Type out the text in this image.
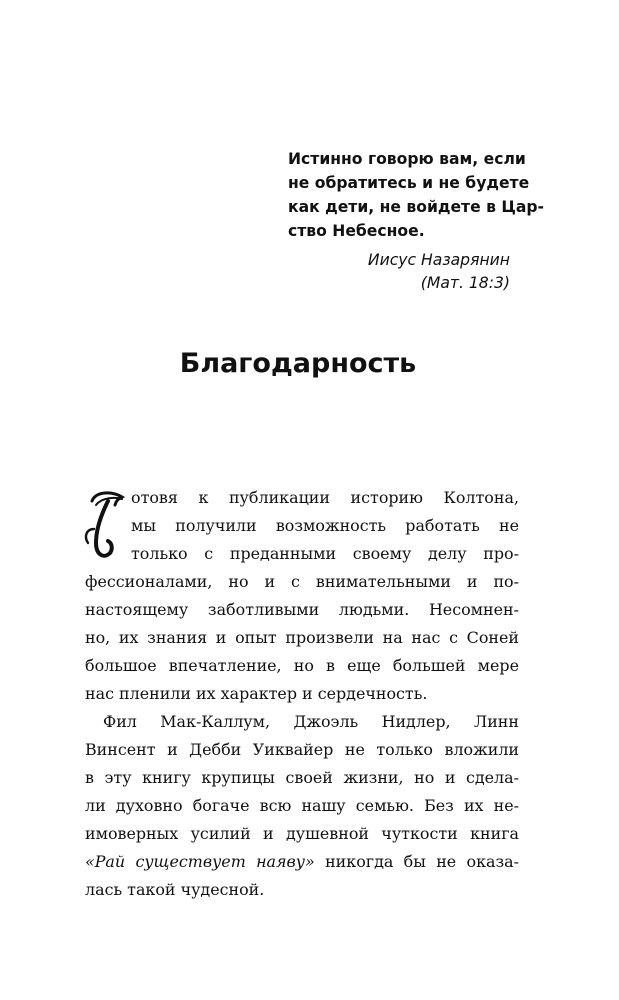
Истинно говорю вам, если
не обратитесь и не будете
как дети, не войдете в Цар-
ство Небесное.
Иисус Назарянин
(Мат. 18:3)
Благодарность
отовя к публикации историю Колтона,
мы получили возможность работать не
только с преданными своему делу про-
фессионалами, но и с внимательными и по-
настоящему заботливыми людьми. Несомнен-
но, их знания и опыт произвели на нас с Соней
большое впечатление, но в еще большей мере
нас пленили их характер и сердечность.
Фил Мак-Каллум, Джоэль Нидлер, Линн
Винсент и Дебби Уиквайер не только вложили
в эту книгу крупицы своей жизни, но и сдела-
ли духовно богаче всю нашу семью. Без их не-
имоверных усилий и душевной чуткости книга
«Рай существует наяву» никогда бы не оказа-
лась такой чудесной.
